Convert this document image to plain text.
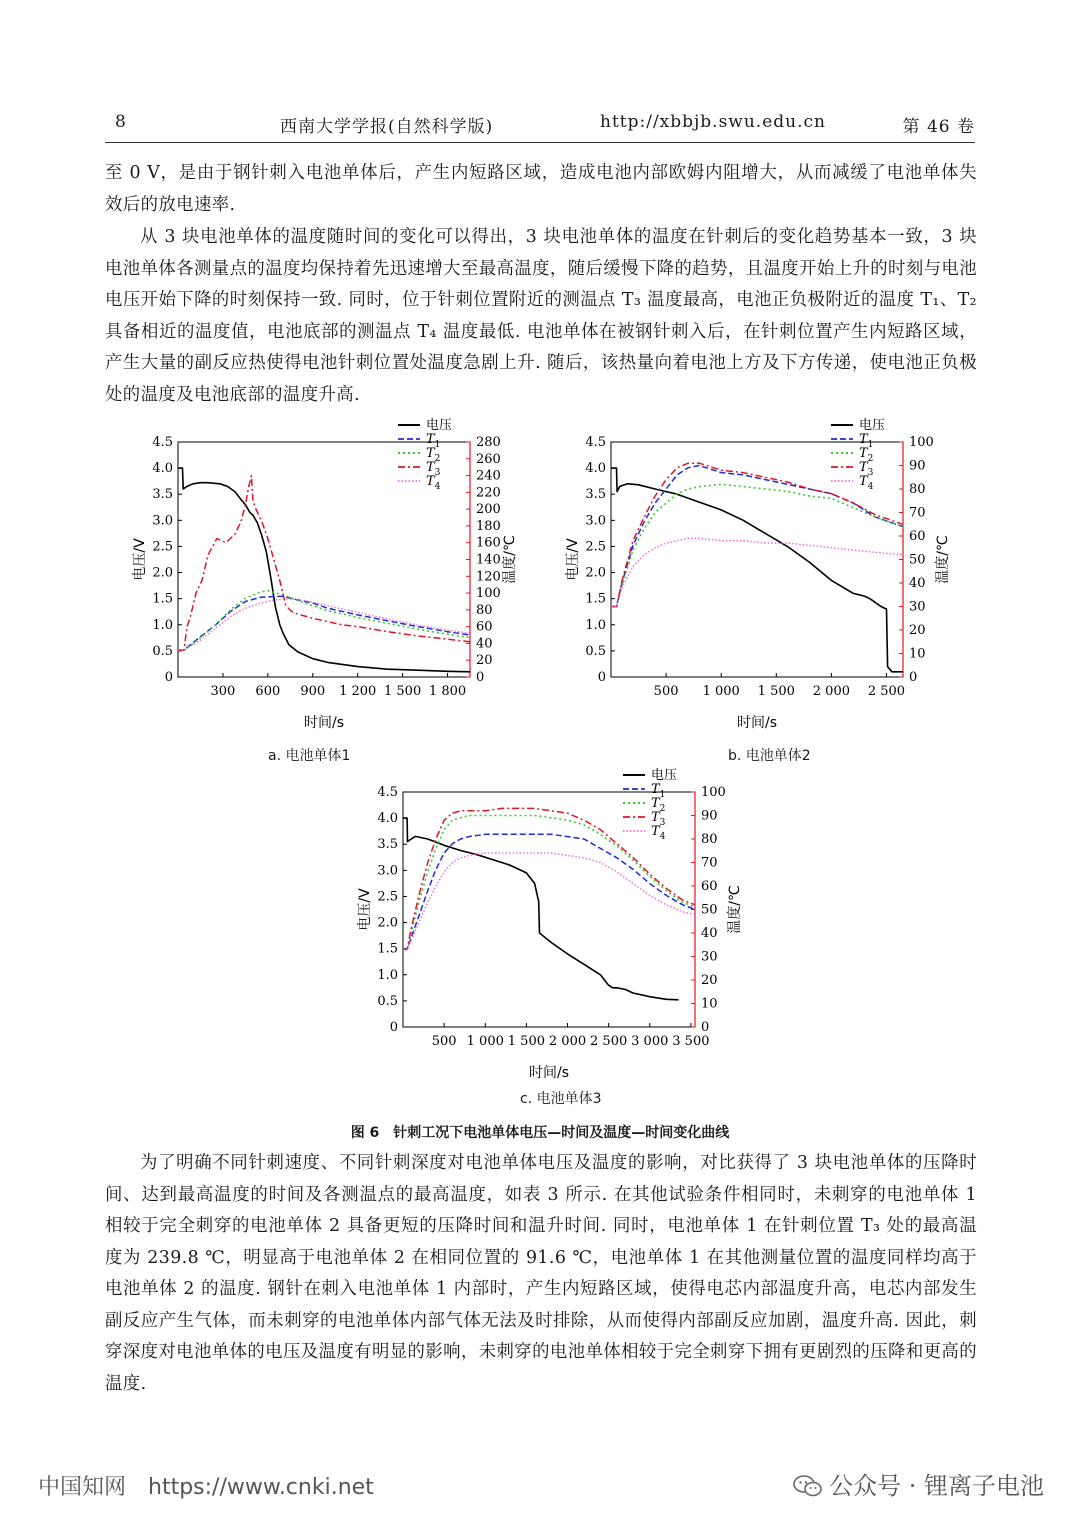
8	西南大学学报(自然科学版)	http://xbbjb.swu.edu.cn	第 46 卷

至 0 V，是由于钢针刺入电池单体后，产生内短路区域，造成电池内部欧姆内阻增大，从而减缓了电池单体失效后的放电速率.

从 3 块电池单体的温度随时间的变化可以得出，3 块电池单体的温度在针刺后的变化趋势基本一致，3 块电池单体各测量点的温度均保持着先迅速增大至最高温度，随后缓慢下降的趋势，且温度开始上升的时刻与电池电压开始下降的时刻保持一致. 同时，位于针刺位置附近的测温点 T₃ 温度最高，电池正负极附近的温度 T₁、T₂ 具备相近的温度值，电池底部的测温点 T₄ 温度最低. 电池单体在被钢针刺入后，在针刺位置产生内短路区域，产生大量的副反应热使得电池针刺位置处温度急剧上升. 随后，该热量向着电池上方及下方传递，使电池正负极处的温度及电池底部的温度升高.

0
0.5
1.0
1.5
2.0
2.5
3.0
3.5
4.0
4.5
0
20
40
60
80
100
120
140
160
180
200
220
240
260
280
300 600 900 1 200 1 500 1 800
时间/s
电压/V	温度/℃
电压
$T_1$
$T_2$
$T_3$
$T_4$
a. 电池单体1
0
0.5
1.0
1.5
2.0
2.5
3.0
3.5
4.0
4.5
0
10
20
30
40
50
60
70
80
90
100
500 1 000 1 500 2 000 2 500
时间/s
电压/V	温度/℃
电压
$T_1$
$T_2$
$T_3$
$T_4$
b. 电池单体2
0
0.5
1.0
1.5
2.0
2.5
3.0
3.5
4.0
4.5
0
10
20
30
40
50
60
70
80
90
100
500 1 000 1 500 2 000 2 500 3 000 3 500
时间/s
电压/V	温度/℃
电压
$T_1$
$T_2$
$T_3$
$T_4$
c. 电池单体3
图 6　针刺工况下电池单体电压—时间及温度—时间变化曲线

为了明确不同针刺速度、不同针刺深度对电池单体电压及温度的影响，对比获得了 3 块电池单体的压降时间、达到最高温度的时间及各测温点的最高温度，如表 3 所示. 在其他试验条件相同时，未刺穿的电池单体 1 相较于完全刺穿的电池单体 2 具备更短的压降时间和温升时间. 同时，电池单体 1 在针刺位置 T₃ 处的最高温度为 239.8 ℃，明显高于电池单体 2 在相同位置的 91.6 ℃，电池单体 1 在其他测量位置的温度同样均高于电池单体 2 的温度. 钢针在刺入电池单体 1 内部时，产生内短路区域，使得电芯内部温度升高，电芯内部发生副反应产生气体，而未刺穿的电池单体内部气体无法及时排除，从而使得内部副反应加剧，温度升高. 因此，刺穿深度对电池单体的电压及温度有明显的影响，未刺穿的电池单体相较于完全刺穿下拥有更剧烈的压降和更高的温度.

中国知网　https://www.cnki.net	公众号 · 锂离子电池
